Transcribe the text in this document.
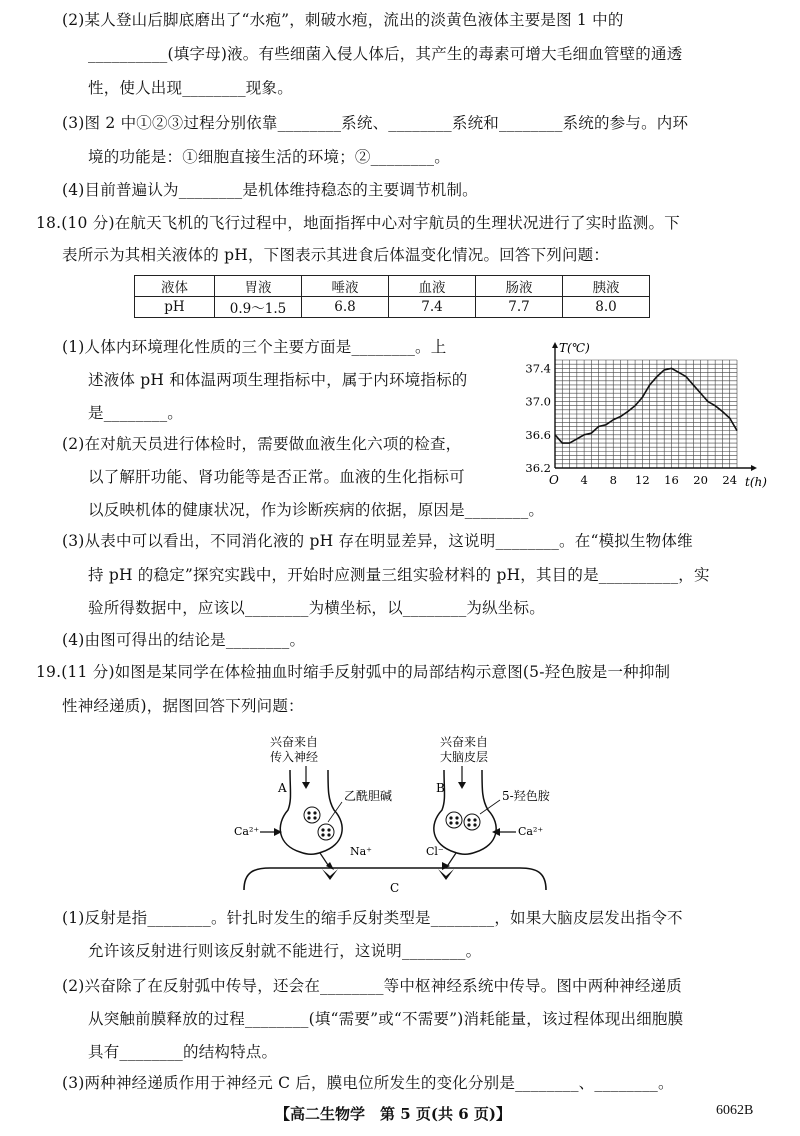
(2)某人登山后脚底磨出了“水疱”，刺破水疱，流出的淡黄色液体主要是图 1 中的
__________(填字母)液。有些细菌入侵人体后，其产生的毒素可增大毛细血管壁的通透
性，使人出现________现象。
(3)图 2 中①②③过程分别依靠________系统、________系统和________系统的参与。内环
境的功能是：①细胞直接生活的环境；②________。
(4)目前普遍认为________是机体维持稳态的主要调节机制。
18.(10 分)在航天飞机的飞行过程中，地面指挥中心对宇航员的生理状况进行了实时监测。下
表所示为其相关液体的 pH，下图表示其进食后体温变化情况。回答下列问题：
液体	胃液	唾液	血液	肠液	胰液
pH	0.9～1.5	6.8	7.4	7.7	8.0
(1)人体内环境理化性质的三个主要方面是________。上
述液体 pH 和体温两项生理指标中，属于内环境指标的
是________。
(2)在对航天员进行体检时，需要做血液生化六项的检查，
以了解肝功能、肾功能等是否正常。血液的生化指标可
以反映机体的健康状况，作为诊断疾病的依据，原因是________。
T(℃)
t(h)
O 4 8 12 16 20 24
36.2
36.6
37.0
37.4
(3)从表中可以看出，不同消化液的 pH 存在明显差异，这说明________。在“模拟生物体维
持 pH 的稳定”探究实践中，开始时应测量三组实验材料的 pH，其目的是__________，实
验所得数据中，应该以________为横坐标，以________为纵坐标。
(4)由图可得出的结论是________。
19.(11 分)如图是某同学在体检抽血时缩手反射弧中的局部结构示意图(5-羟色胺是一种抑制
性神经递质)，据图回答下列问题：
兴奋来自
传入神经
A
乙酰胆碱
Ca²⁺
Na⁺
兴奋来自
大脑皮层
B
5-羟色胺
Ca²⁺
Cl⁻
C
(1)反射是指________。针扎时发生的缩手反射类型是________，如果大脑皮层发出指令不
允许该反射进行则该反射就不能进行，这说明________。
(2)兴奋除了在反射弧中传导，还会在________等中枢神经系统中传导。图中两种神经递质
从突触前膜释放的过程________(填“需要”或“不需要”)消耗能量，该过程体现出细胞膜
具有________的结构特点。
(3)两种神经递质作用于神经元 C 后，膜电位所发生的变化分别是________、________。
【高二生物学　第 5 页(共 6 页)】	6062B
